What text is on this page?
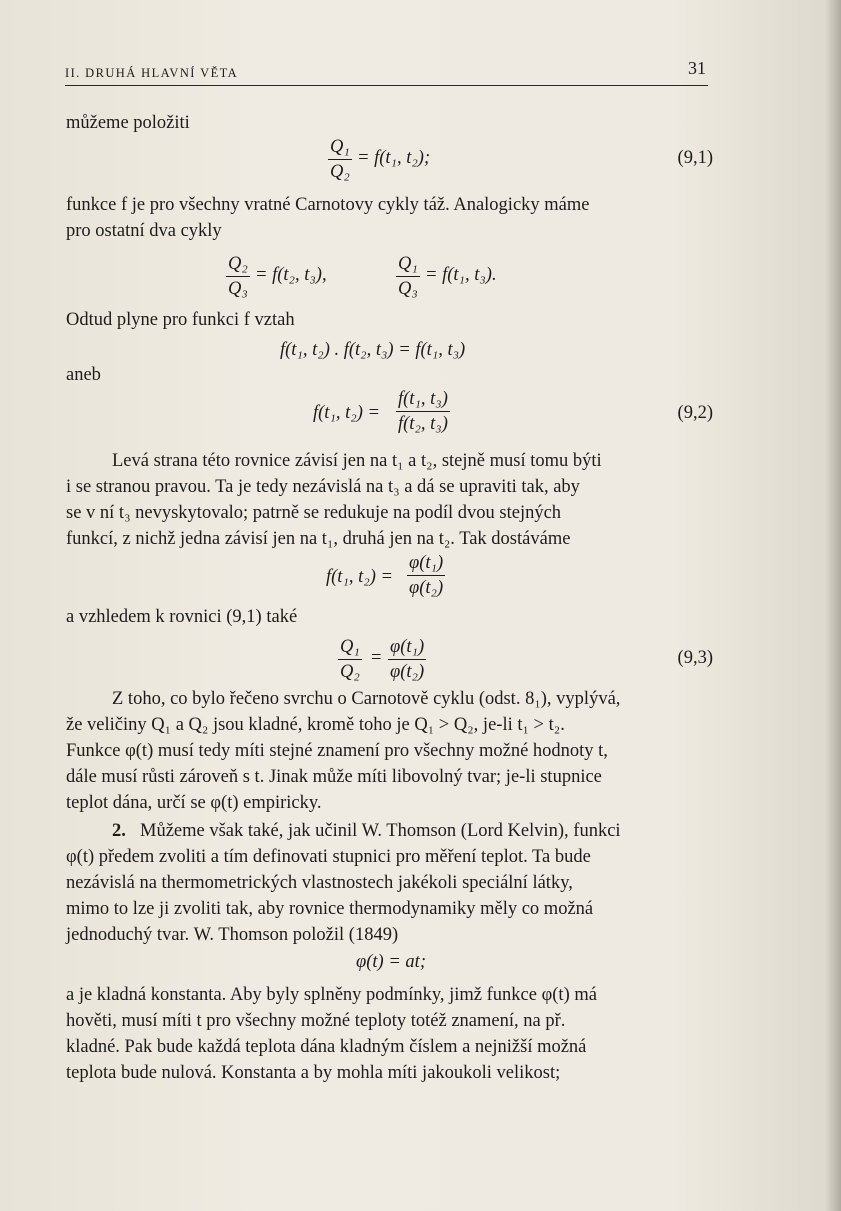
II. DRUHÁ HLAVNÍ VĚTA	31
můžeme položiti
$\frac{\text{Q₁}}{\text{Q₂}} = f(t_1$, t₂);	(9,1)
funkce f je pro všechny vratné Carnotovy cykly táž. Analogicky máme
pro ostatní dva cykly
$\frac{\text{Q₂}}{\text{Q₃}} = f(t_2$, t₃),	$\frac{\text{Q₁}}{\text{Q₃}} = f(t_1$, t₃).
Odtud plyne pro funkci f vztah
f(t₁, t₂) . f(t₂, t₃) = f(t₁, t₃)
aneb
f(t₁, $t_2) = \frac{\text{f(t₁, t₃)}}{\text{f(t₂, t₃)}}$	(9,2)
Levá strana této rovnice závisí jen na t₁ a t₂, stejně musí tomu býti
i se stranou pravou. Ta je tedy nezávislá na t₃ a dá se upraviti tak, aby
se v ní t₃ nevyskytovalo; patrně se redukuje na podíl dvou stejných
funkcí, z nichž jedna závisí jen na t₁, druhá jen na t₂. Tak dostáváme
f(t₁, $t_2) = \frac{\text{φ(t₁)}}{\text{φ(t₂)}}$
a vzhledem k rovnici (9,1) také
$\frac{\text{Q₁}}{\text{Q₂}} = \frac{\text{φ(t₁)}}{\text{φ(t₂)}}$	(9,3)
Z toho, co bylo řečeno svrchu o Carnotově cyklu (odst. 8₁), vyplývá,
že veličiny Q₁ a Q₂ jsou kladné, kromě toho je Q₁ > Q₂, je-li t₁ > t₂.
Funkce φ(t) musí tedy míti stejné znamení pro všechny možné hodnoty t,
dále musí růsti zároveň s t. Jinak může míti libovolný tvar; je-li stupnice
teplot dána, určí se φ(t) empiricky.
2. Můžeme však také, jak učinil W. Thomson (Lord Kelvin), funkci
φ(t) předem zvoliti a tím definovati stupnici pro měření teplot. Ta bude
nezávislá na thermometrických vlastnostech jakékoli speciální látky,
mimo to lze ji zvoliti tak, aby rovnice thermodynamiky měly co možná
jednoduchý tvar. W. Thomson položil (1849)
φ(t) = at;
a je kladná konstanta. Aby byly splněny podmínky, jimž funkce φ(t) má
hověti, musí míti t pro všechny možné teploty totéž znamení, na př.
kladné. Pak bude každá teplota dána kladným číslem a nejnižší možná
teplota bude nulová. Konstanta a by mohla míti jakoukoli velikost;
